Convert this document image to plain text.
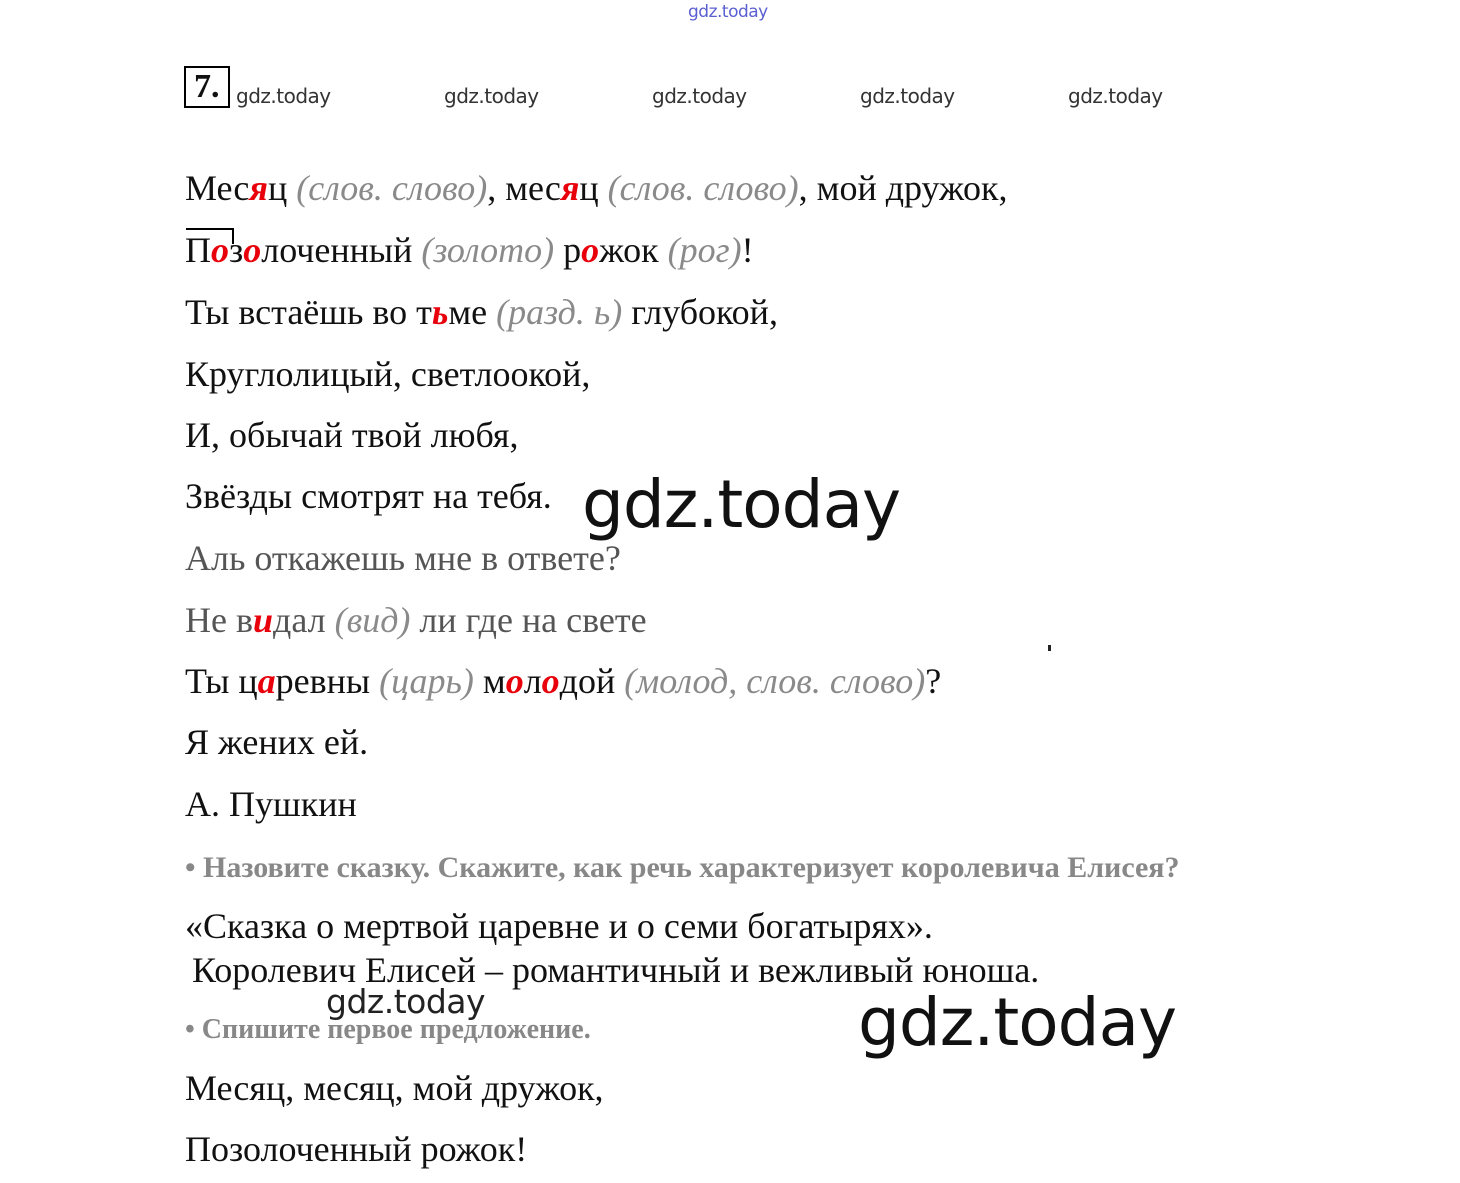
gdz.today
gdz.today	gdz.today	gdz.today	gdz.today	gdz.today
7.
Месяц (слов. слово), месяц (слов. слово), мой дружок,
Позолоченный (золото) рожок (рог)!
Ты встаёшь во тьме (разд. ь) глубокой,
Круглолицый, светлоокой,
И, обычай твой любя,
Звёзды смотрят на тебя.
Аль откажешь мне в ответе?
Не видал (вид) ли где на свете
Ты царевны (царь) молодой (молод, слов. слово)?
Я жених ей.
А. Пушкин
• Назовите сказку. Скажите, как речь характеризует королевича Елисея?
«Сказка о мертвой царевне и о семи богатырях».
Королевич Елисей – романтичный и вежливый юноша.
• Спишите первое предложение.
Месяц, месяц, мой дружок,
Позолоченный рожок!
gdz.today
gdz.today	gdz.today
